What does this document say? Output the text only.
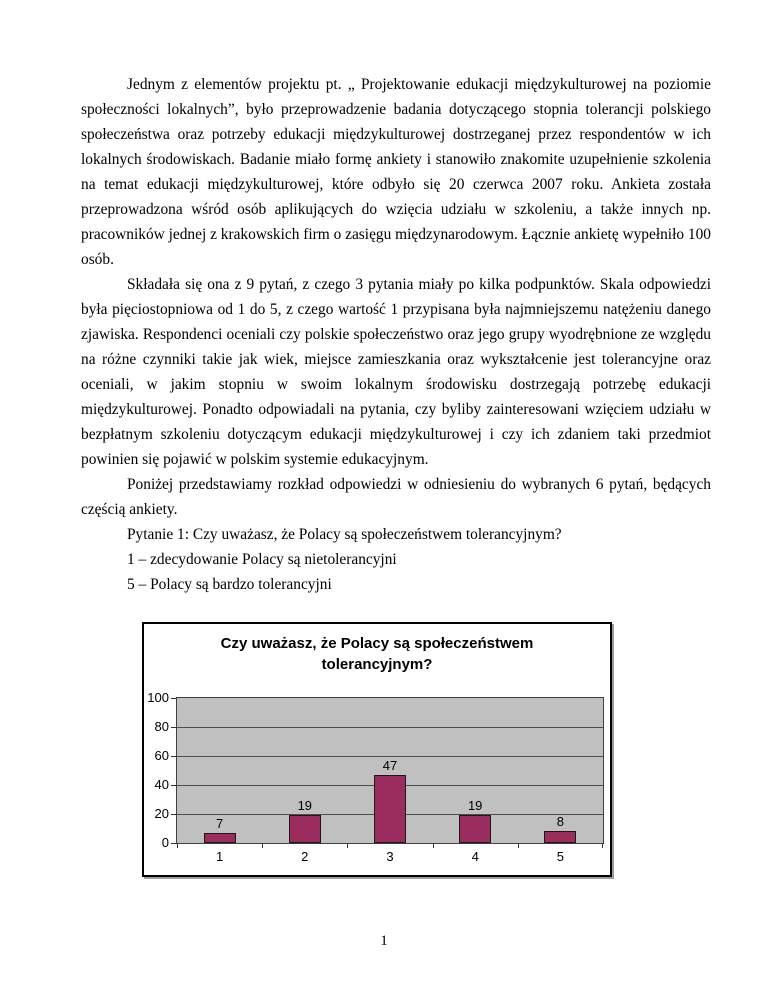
Jednym z elementów projektu pt. „ Projektowanie edukacji międzykulturowej na poziomie społeczności lokalnych”, było przeprowadzenie badania dotyczącego stopnia tolerancji polskiego społeczeństwa oraz potrzeby edukacji międzykulturowej dostrzeganej przez respondentów w ich lokalnych środowiskach. Badanie miało formę ankiety i stanowiło znakomite uzupełnienie szkolenia na temat edukacji międzykulturowej, które odbyło się 20 czerwca 2007 roku. Ankieta została przeprowadzona wśród osób aplikujących do wzięcia udziału w szkoleniu, a także innych np. pracowników jednej z krakowskich firm o zasięgu międzynarodowym. Łącznie ankietę wypełniło 100 osób.

Składała się ona z 9 pytań, z czego 3 pytania miały po kilka podpunktów. Skala odpowiedzi była pięciostopniowa od 1 do 5, z czego wartość 1 przypisana była najmniejszemu natężeniu danego zjawiska. Respondenci oceniali czy polskie społeczeństwo oraz jego grupy wyodrębnione ze względu na różne czynniki takie jak wiek, miejsce zamieszkania oraz wykształcenie jest tolerancyjne oraz oceniali, w jakim stopniu w swoim lokalnym środowisku dostrzegają potrzebę edukacji międzykulturowej. Ponadto odpowiadali na pytania, czy byliby zainteresowani wzięciem udziału w bezpłatnym szkoleniu dotyczącym edukacji międzykulturowej i czy ich zdaniem taki przedmiot powinien się pojawić w polskim systemie edukacyjnym.

Poniżej przedstawiamy rozkład odpowiedzi w odniesieniu do wybranych 6 pytań, będących częścią ankiety.

Pytanie 1: Czy uważasz, że Polacy są społeczeństwem tolerancyjnym?

1 – zdecydowanie Polacy są nietolerancyjni

5 – Polacy są bardzo tolerancyjni

Czy uważasz, że Polacy są społeczeństwem tolerancyjnym?
0
20
40
60
80
100
7
1
19
2
47
3
19
4
8
5
1
